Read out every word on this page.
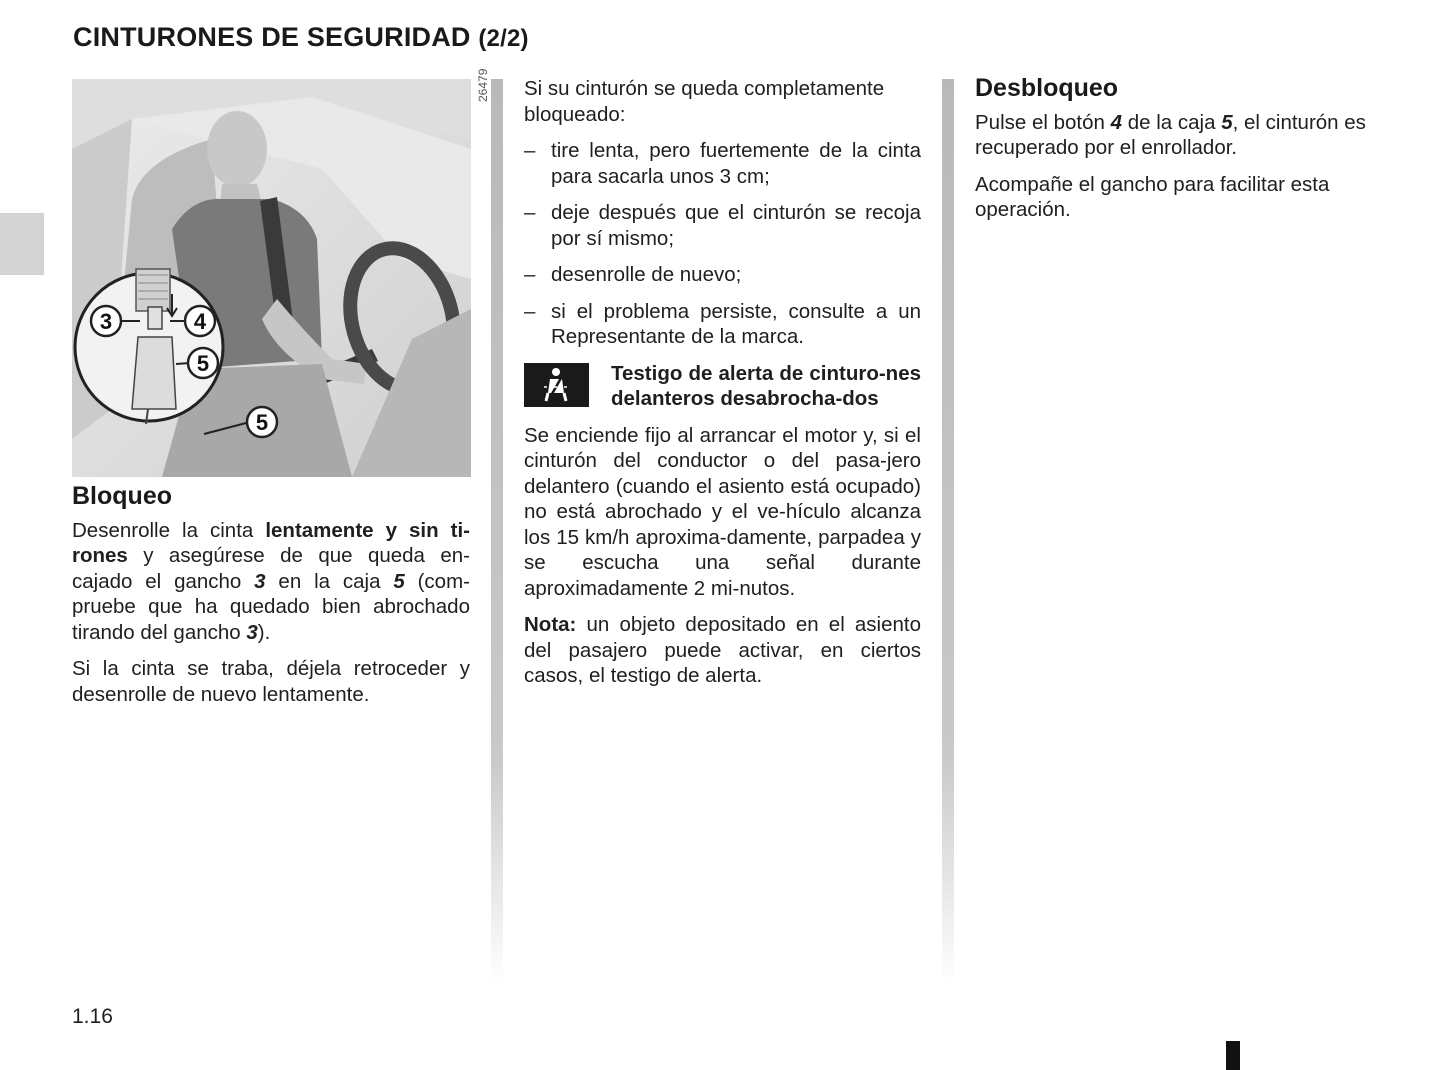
CINTURONES DE SEGURIDAD (2/2)
26479
3	4
5
5
Bloqueo

Desenrolle la cinta lentamente y sin ti-rones y asegúrese de que queda en-cajado el gancho 3 en la caja 5 (com-pruebe que ha quedado bien abrochado tirando del gancho 3).

Si la cinta se traba, déjela retroceder y desenrolle de nuevo lentamente.

Si su cinturón se queda completamente bloqueado:

– tire lenta, pero fuertemente de la cinta para sacarla unos 3 cm;
– deje después que el cinturón se recoja por sí mismo;
– desenrolle de nuevo;
– si el problema persiste, consulte a un Representante de la marca.

Testigo de alerta de cinturo-nes delanteros desabrocha-dos

Se enciende fijo al arrancar el motor y, si el cinturón del conductor o del pasa-jero delantero (cuando el asiento está ocupado) no está abrochado y el ve-hículo alcanza los 15 km/h aproxima-damente, parpadea y se escucha una señal durante aproximadamente 2 mi-nutos.

Nota: un objeto depositado en el asiento del pasajero puede activar, en ciertos casos, el testigo de alerta.

Desbloqueo

Pulse el botón 4 de la caja 5, el cinturón es recuperado por el enrollador.

Acompañe el gancho para facilitar esta operación.

1.16
